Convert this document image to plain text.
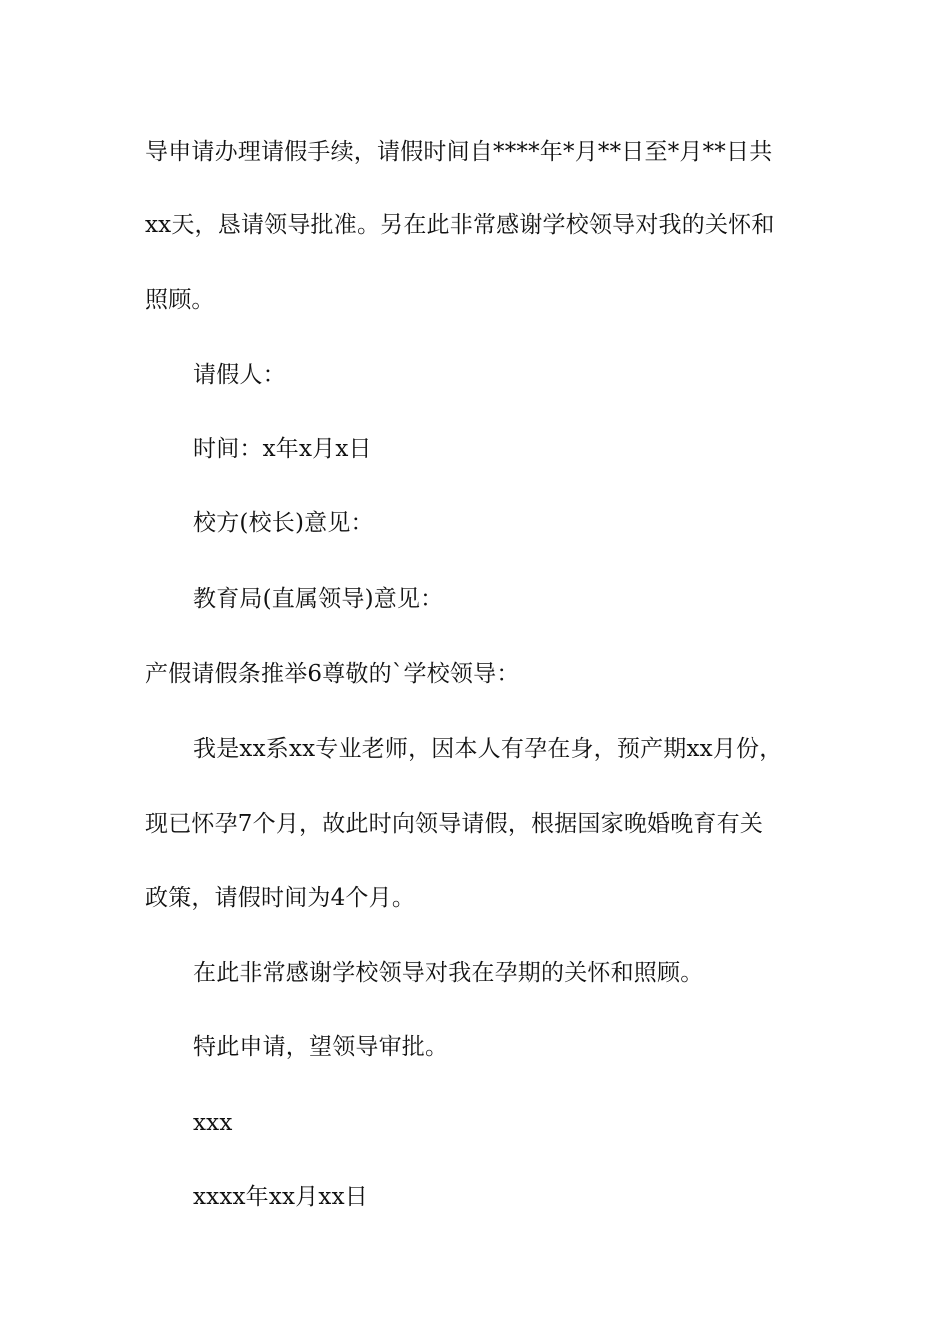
导申请办理请假手续，请假时间自****年*月**日至*月**日共
xx天，恳请领导批准。另在此非常感谢学校领导对我的关怀和
照顾。
请假人：
时间：x年x月x日
校方(校长)意见：
教育局(直属领导)意见：
产假请假条推举6尊敬的`学校领导：
我是xx系xx专业老师，因本人有孕在身，预产期xx月份，
现已怀孕7个月，故此时向领导请假，根据国家晚婚晚育有关
政策，请假时间为4个月。
在此非常感谢学校领导对我在孕期的关怀和照顾。
特此申请，望领导审批。
xxx
xxxx年xx月xx日
